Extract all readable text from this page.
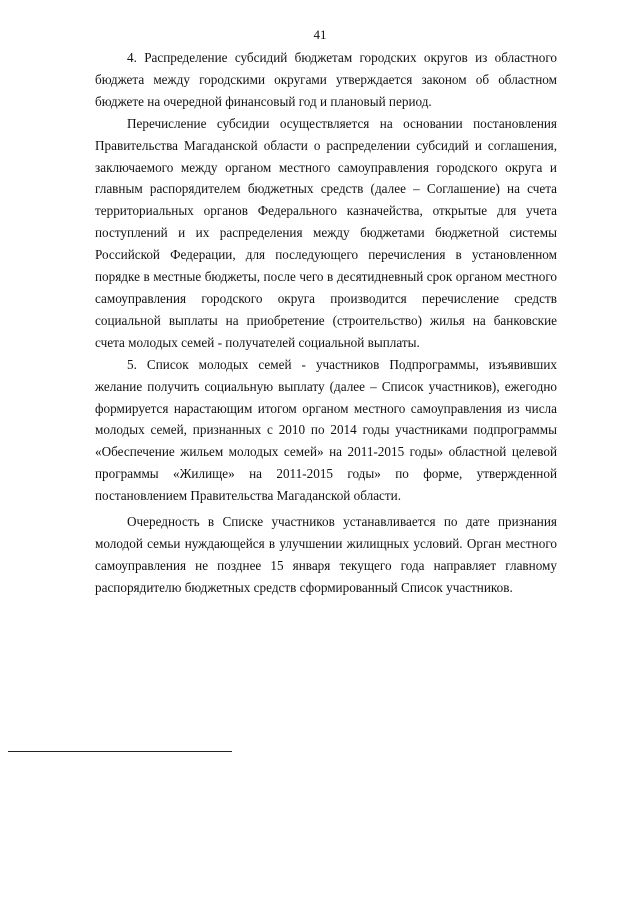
41

4. Распределение субсидий бюджетам городских округов из областного бюджета между городскими округами утверждается законом об областном бюджете на очередной финансовый год и плановый период.

Перечисление субсидии осуществляется на основании постановления Правительства Магаданской области о распределении субсидий и соглашения, заключаемого между органом местного самоуправления городского округа и главным распорядителем бюджетных средств (далее – Соглашение) на счета территориальных органов Федерального казначейства, открытые для учета поступлений и их распределения между бюджетами бюджетной системы Российской Федерации, для последующего перечисления в установленном порядке в местные бюджеты, после чего в десятидневный срок органом местного самоуправления городского округа производится перечисление средств социальной выплаты на приобретение (строительство) жилья на банковские счета молодых семей - получателей социальной выплаты.

5. Список молодых семей - участников Подпрограммы, изъявивших желание получить социальную выплату (далее – Список участников), ежегодно формируется нарастающим итогом органом местного самоуправления из числа молодых семей, признанных с 2010 по 2014 годы участниками подпрограммы «Обеспечение жильем молодых семей» на 2011-2015 годы» областной целевой программы «Жилище» на 2011-2015 годы» по форме, утвержденной постановлением Правительства Магаданской области.

Очередность в Списке участников устанавливается по дате признания молодой семьи нуждающейся в улучшении жилищных условий. Орган местного самоуправления не позднее 15 января текущего года направляет главному распорядителю бюджетных средств сформированный Список участников.
